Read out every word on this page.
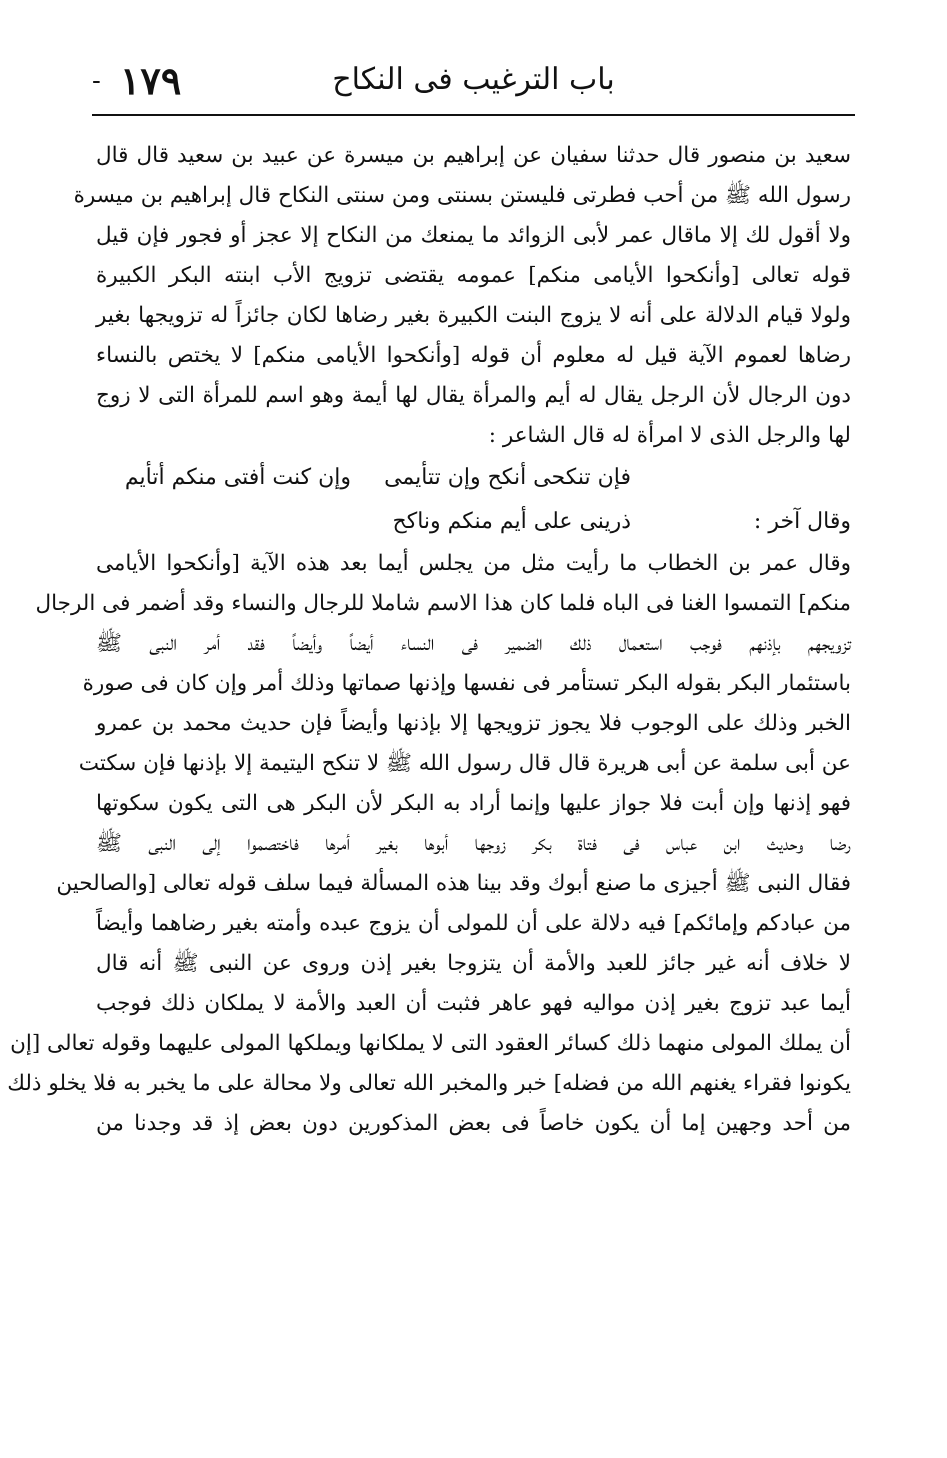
- ١٧٩	باب الترغيب فى النكاح
سعيد بن منصور قال حدثنا سفيان عن إبراهيم بن ميسرة عن عبيد بن سعيد قال قال
رسول الله ﷺ من أحب فطرتى فليستن بسنتى ومن سنتى النكاح قال إبراهيم بن ميسرة
ولا أقول لك إلا ماقال عمر لأبى الزوائد ما يمنعك من النكاح إلا عجز أو فجور فإن قيل
قوله تعالى [وأنكحوا الأيامى منكم] عمومه يقتضى تزويج الأب ابنته البكر الكبيرة
ولولا قيام الدلالة على أنه لا يزوج البنت الكبيرة بغير رضاها لكان جائزاً له تزويجها بغير
رضاها لعموم الآية قيل له معلوم أن قوله [وأنكحوا الأيامى منكم] لا يختص بالنساء
دون الرجال لأن الرجل يقال له أيم والمرأة يقال لها أيمة وهو اسم للمرأة التى لا زوج
لها والرجل الذى لا امرأة له قال الشاعر :
فإن تنكحى أنكح وإن تتأيمى
وإن كنت أفتى منكم أتأيم
وقال آخر :
ذرينى على أيم منكم وناكح
وقال عمر بن الخطاب ما رأيت مثل من يجلس أيما بعد هذه الآية [وأنكحوا الأيامى
منكم] التمسوا الغنا فى الباه فلما كان هذا الاسم شاملا للرجال والنساء وقد أضمر فى الرجال
تزويجهم بإذنهم فوجب استعمال ذلك الضمير فى النساء أيضاً وأيضاً فقد أمر النبى ﷺ
باستئمار البكر بقوله البكر تستأمر فى نفسها وإذنها صماتها وذلك أمر وإن كان فى صورة
الخبر وذلك على الوجوب فلا يجوز تزويجها إلا بإذنها وأيضاً فإن حديث محمد بن عمرو
عن أبى سلمة عن أبى هريرة قال قال رسول الله ﷺ لا تنكح اليتيمة إلا بإذنها فإن سكتت
فهو إذنها وإن أبت فلا جواز عليها وإنما أراد به البكر لأن البكر هى التى يكون سكوتها
رضا وحديث ابن عباس فى فتاة بكر زوجها أبوها بغير أمرها فاختصموا إلى النبى ﷺ
فقال النبى ﷺ أجيزى ما صنع أبوك وقد بينا هذه المسألة فيما سلف قوله تعالى [والصالحين
من عبادكم وإمائكم] فيه دلالة على أن للمولى أن يزوج عبده وأمته بغير رضاهما وأيضاً
لا خلاف أنه غير جائز للعبد والأمة أن يتزوجا بغير إذن وروى عن النبى ﷺ أنه قال
أيما عبد تزوج بغير إذن مواليه فهو عاهر فثبت أن العبد والأمة لا يملكان ذلك فوجب
أن يملك المولى منهما ذلك كسائر العقود التى لا يملكانها ويملكها المولى عليهما وقوله تعالى [إن
يكونوا فقراء يغنهم الله من فضله] خبر والمخبر الله تعالى ولا محالة على ما يخبر به فلا يخلو ذلك
من أحد وجهين إما أن يكون خاصاً فى بعض المذكورين دون بعض إذ قد وجدنا من
